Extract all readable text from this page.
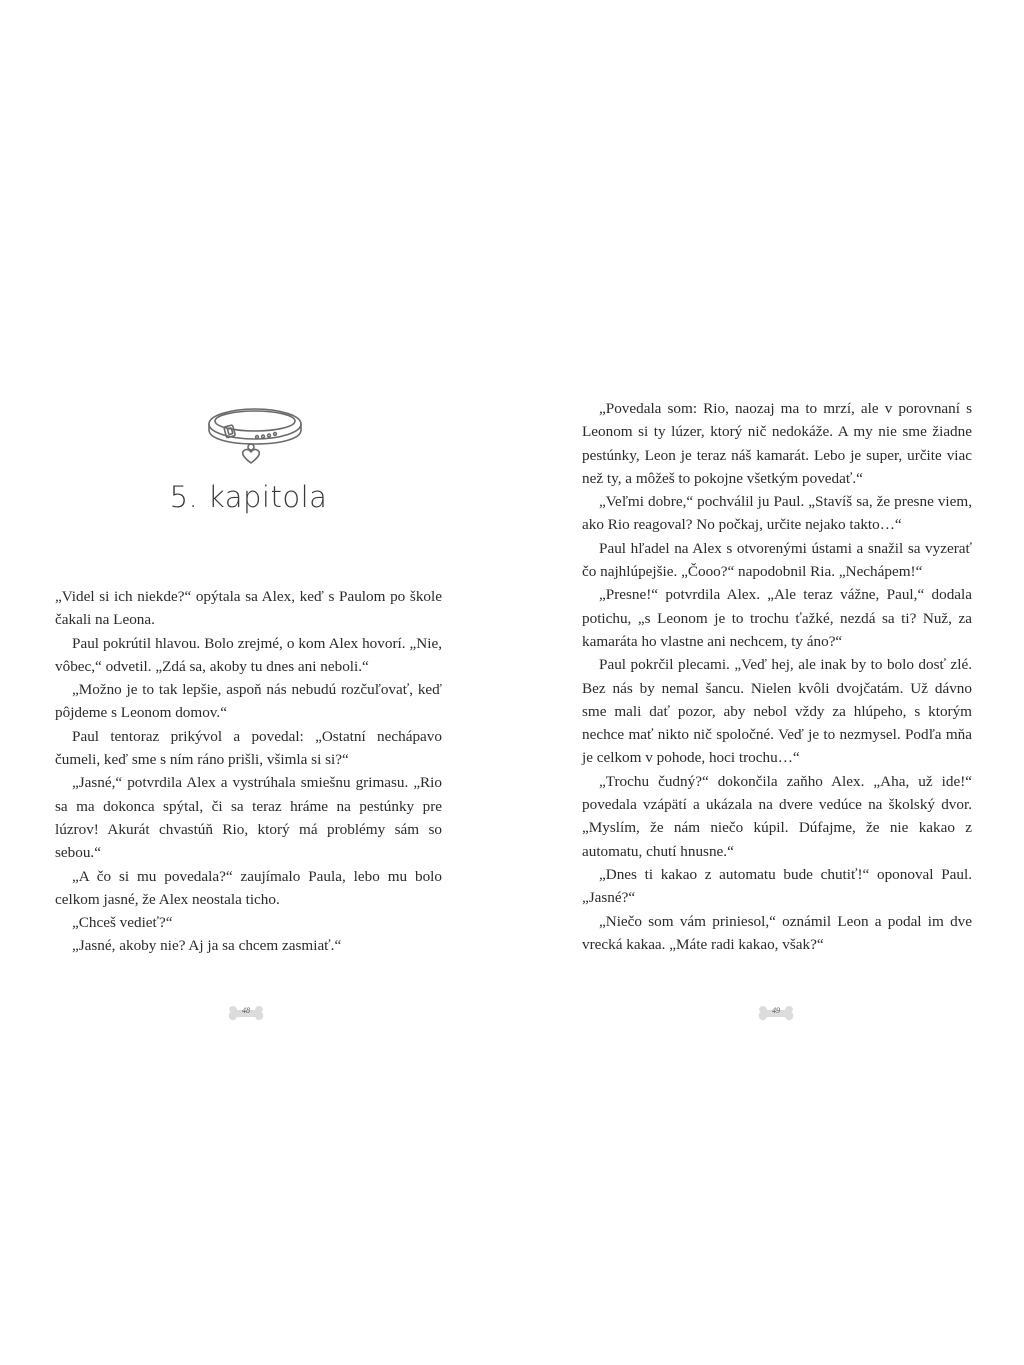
5. kapitola

„Videl si ich niekde?“ opýtala sa Alex, keď s Paulom po škole čakali na Leona.

Paul pokrútil hlavou. Bolo zrejmé, o kom Alex hovorí. „Nie, vôbec,“ odvetil. „Zdá sa, akoby tu dnes ani neboli.“

„Možno je to tak lepšie, aspoň nás nebudú rozčuľovať, keď pôjdeme s Leonom domov.“

Paul tentoraz prikývol a povedal: „Ostatní nechápavo čumeli, keď sme s ním ráno prišli, všimla si si?“

„Jasné,“ potvrdila Alex a vystrúhala smiešnu grimasu. „Rio sa ma dokonca spýtal, či sa teraz hráme na pestúnky pre lúzrov! Akurát chvastúň Rio, ktorý má problémy sám so sebou.“

„A čo si mu povedala?“ zaujímalo Paula, lebo mu bolo celkom jasné, že Alex neostala ticho.

„Chceš vedieť?“

„Jasné, akoby nie? Aj ja sa chcem zasmiať.“

48

„Povedala som: Rio, naozaj ma to mrzí, ale v porovnaní s Leonom si ty lúzer, ktorý nič nedokáže. A my nie sme žiadne pestúnky, Leon je teraz náš kamarát. Lebo je super, určite viac než ty, a môžeš to pokojne všetkým povedať.“

„Veľmi dobre,“ pochválil ju Paul. „Stavíš sa, že presne viem, ako Rio reagoval? No počkaj, určite nejako takto…“

Paul hľadel na Alex s otvorenými ústami a snažil sa vyzerať čo najhlúpejšie. „Čooo?“ napodobnil Ria. „Nechápem!“

„Presne!“ potvrdila Alex. „Ale teraz vážne, Paul,“ dodala potichu, „s Leonom je to trochu ťažké, nezdá sa ti? Nuž, za kamaráta ho vlastne ani nechcem, ty áno?“

Paul pokrčil plecami. „Veď hej, ale inak by to bolo dosť zlé. Bez nás by nemal šancu. Nielen kvôli dvojčatám. Už dávno sme mali dať pozor, aby nebol vždy za hlúpeho, s ktorým nechce mať nikto nič spoločné. Veď je to nezmysel. Podľa mňa je celkom v pohode, hoci trochu…“

„Trochu čudný?“ dokončila zaňho Alex. „Aha, už ide!“ povedala vzápätí a ukázala na dvere vedúce na školský dvor. „Myslím, že nám niečo kúpil. Dúfajme, že nie kakao z automatu, chutí hnusne.“

„Dnes ti kakao z automatu bude chutiť!“ oponoval Paul. „Jasné?“

„Niečo som vám priniesol,“ oznámil Leon a podal im dve vrecká kakaa. „Máte radi kakao, však?“

49
